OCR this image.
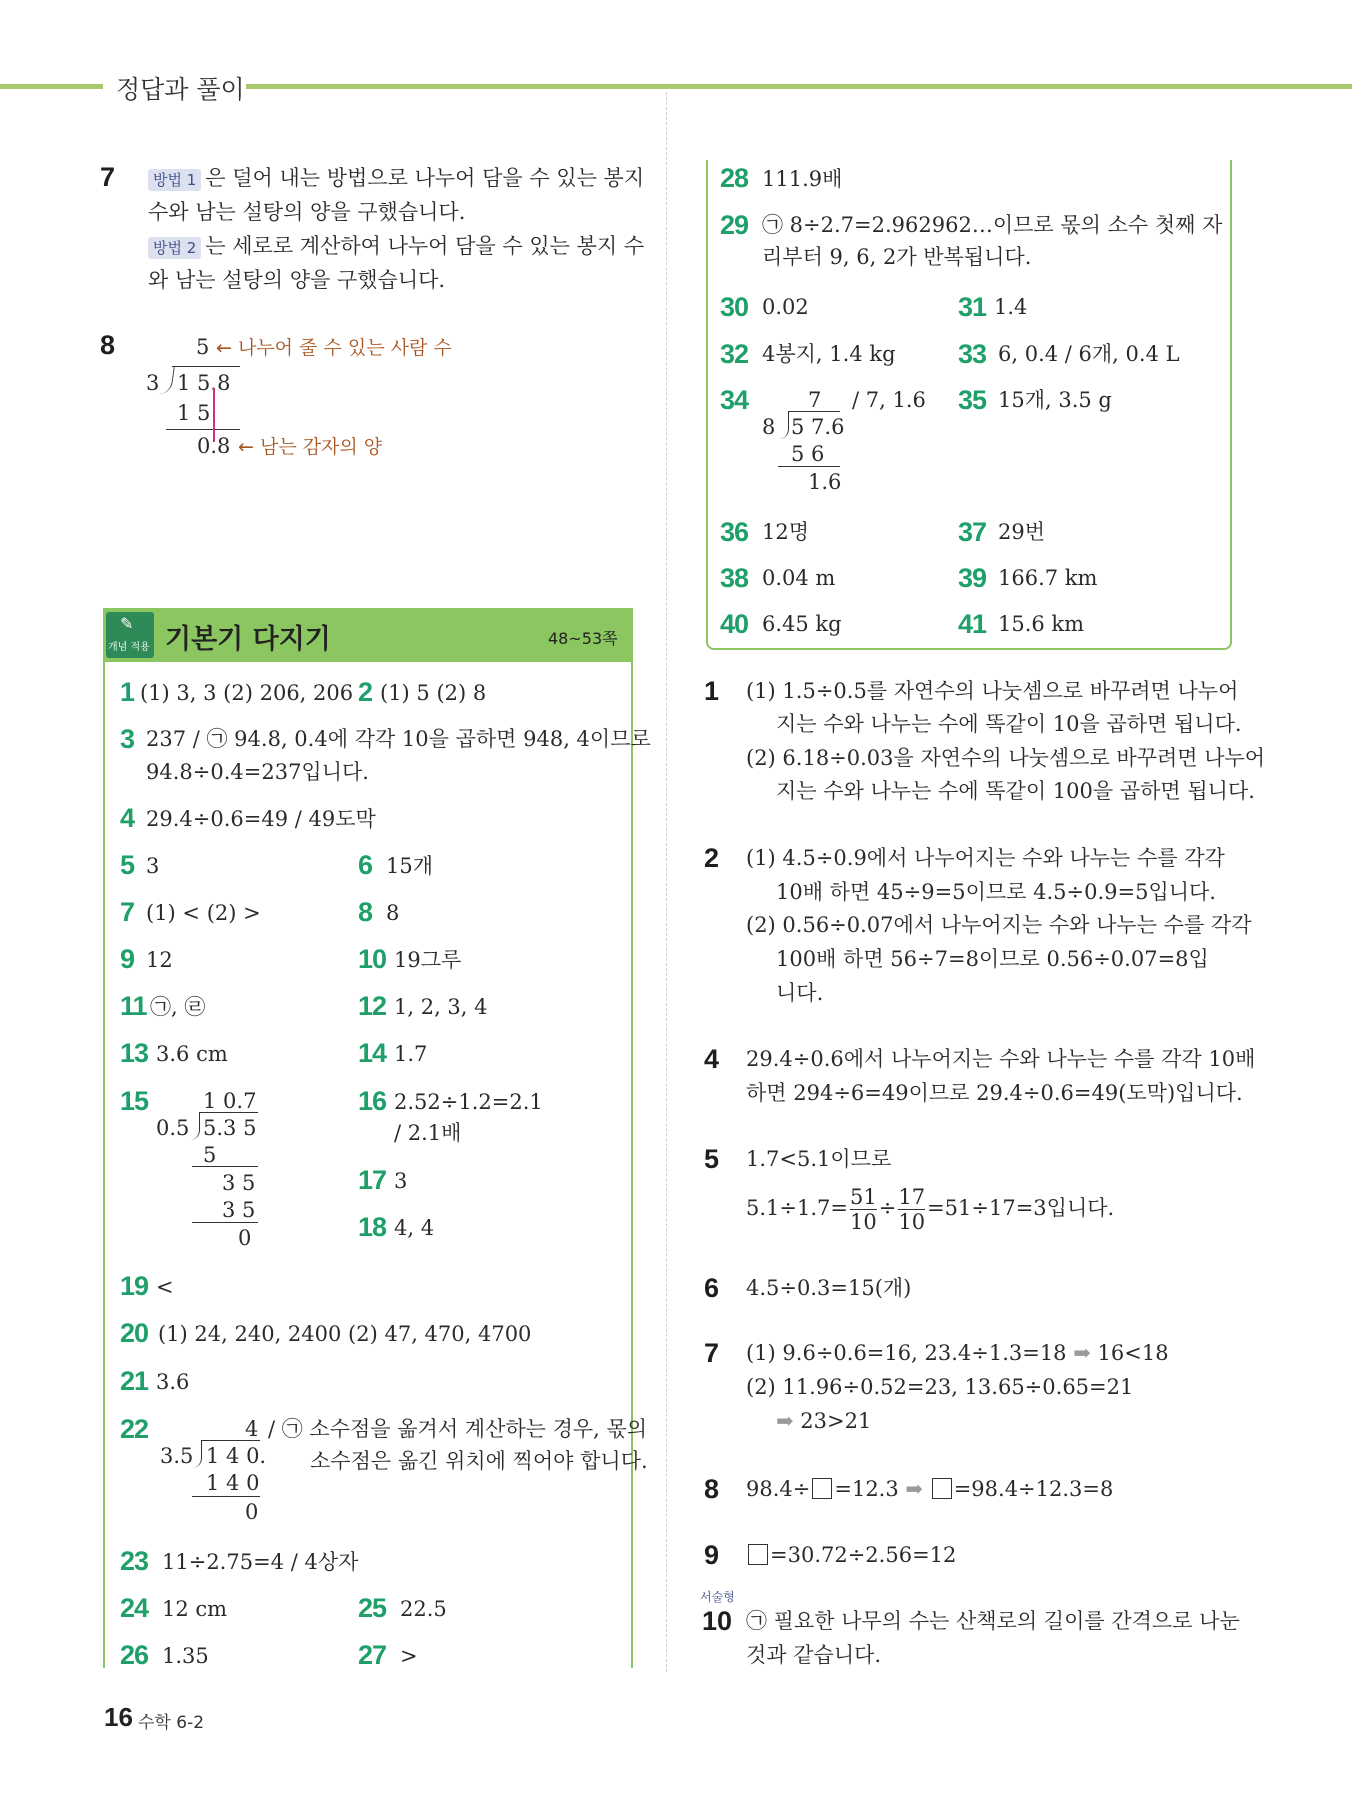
정답과 풀이
7	방법 1 은 덜어 내는 방법으로 나누어 담을 수 있는 봉지
수와 남는 설탕의 양을 구했습니다.
방법 2 는 세로로 계산하여 나누어 담을 수 있는 봉지 수
와 남는 설탕의 양을 구했습니다.
8	5 ← 나누어 줄 수 있는 사람 수
3 1 5.8
1 5
0.8 ← 남는 감자의 양
✎
개념 적용 기본기 다지기	48~53쪽
1 (1) 3, 3 (2) 206, 206 2 (1) 5 (2) 8
3 237 / ㉠ 94.8, 0.4에 각각 10을 곱하면 948, 4이므로
94.8÷0.4=237입니다.
4 29.4÷0.6=49 / 49도막
5 3	6 15개
7 (1) < (2) >	8 8
9 12	10 19그루
11 ㉠, ㉣	12 1, 2, 3, 4
13 3.6 cm	14 1.7
15	1 0.7
0.5 5.3 5
5
3 5
3 5
0
16 2.52÷1.2=2.1
/ 2.1배
17 3
18 4, 4
19 <
20 (1) 24, 240, 2400 (2) 47, 470, 4700
21 3.6
22	4
3.5 1 4 0.
1 4 0
0
/ ㉠ 소수점을 옮겨서 계산하는 경우, 몫의
소수점은 옮긴 위치에 찍어야 합니다.
23 11÷2.75=4 / 4상자
24 12 cm	25 22.5
26 1.35	27 >
28 111.9배
29 ㉠ 8÷2.7=2.962962…이므로 몫의 소수 첫째 자
리부터 9, 6, 2가 반복됩니다.
30 0.02	31 1.4
32 4봉지, 1.4 kg 33 6, 0.4 / 6개, 0.4 L
34	7
8 5 7.6
5 6
1.6
/ 7, 1.6 35 15개, 3.5 g
36 12명	37 29번
38 0.04 m	39 166.7 km
40 6.45 kg	41 15.6 km
1 (1) 1.5÷0.5를 자연수의 나눗셈으로 바꾸려면 나누어
지는 수와 나누는 수에 똑같이 10을 곱하면 됩니다.
(2) 6.18÷0.03을 자연수의 나눗셈으로 바꾸려면 나누어
지는 수와 나누는 수에 똑같이 100을 곱하면 됩니다.
2 (1) 4.5÷0.9에서 나누어지는 수와 나누는 수를 각각
10배 하면 45÷9=5이므로 4.5÷0.9=5입니다.
(2) 0.56÷0.07에서 나누어지는 수와 나누는 수를 각각
100배 하면 56÷7=8이므로 0.56÷0.07=8입
니다.
4 29.4÷0.6에서 나누어지는 수와 나누는 수를 각각 10배
하면 294÷6=49이므로 29.4÷0.6=49(도막)입니다.
5 1.7<5.1이므로
$5.1\div 1.7= \frac{51}{10} \div \frac{17}{10} =51\div 17=3$입니다.
6 4.5÷0.3=15(개)
7 (1) 9.6÷0.6=16, 23.4÷1.3=18 ➡ 16<18
(2) 11.96÷0.52=23, 13.65÷0.65=21
➡ 23>21
8 98.4÷ =12.3 ➡ =98.4÷12.3=8
9	=30.72÷2.56=12
서술형
10 ㉠ 필요한 나무의 수는 산책로의 길이를 간격으로 나눈
것과 같습니다.
16 수학 6-2
